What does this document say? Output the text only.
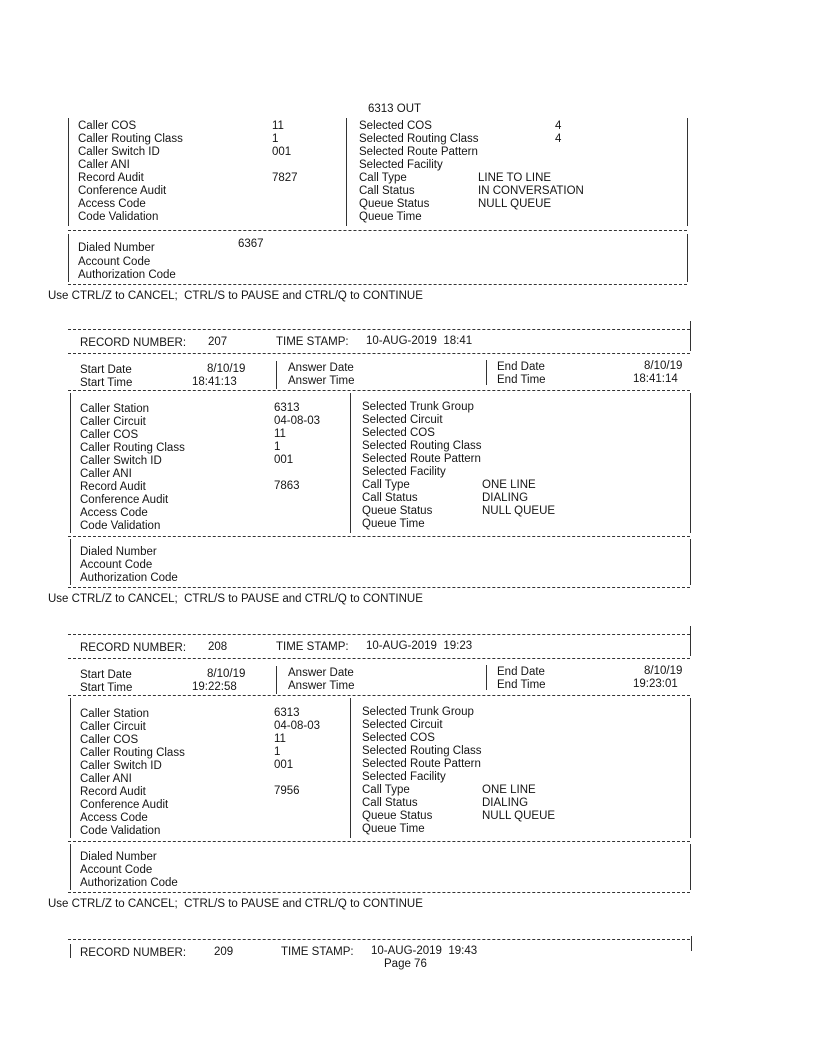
6313 OUT
Caller COS	11	Selected COS	4
Caller Routing Class	1	Selected Routing Class	4
Caller Switch ID	001	Selected Route Pattern
Caller ANI	Selected Facility
Record Audit	7827	Call Type	LINE TO LINE
Conference Audit	Call Status	IN CONVERSATION
Access Code	Queue Status	NULL QUEUE
Code Validation	Queue Time
Dialed Number	6367
Account Code
Authorization Code
Use CTRL/Z to CANCEL;  CTRL/S to PAUSE and CTRL/Q to CONTINUE
RECORD NUMBER: 207	TIME STAMP: 10-AUG-2019  18:41
Start Date	8/10/19	Answer Date	End Date	8/10/19
Start Time	18:41:13	Answer Time	End Time	18:41:14
Caller Station	6313	Selected Trunk Group
Caller Circuit	04-08-03	Selected Circuit
Caller COS	11	Selected COS
Caller Routing Class	1	Selected Routing Class
Caller Switch ID	001	Selected Route Pattern
Caller ANI	Selected Facility
Record Audit	7863	Call Type	ONE LINE
Conference Audit	Call Status	DIALING
Access Code	Queue Status	NULL QUEUE
Code Validation	Queue Time
Dialed Number
Account Code
Authorization Code
Use CTRL/Z to CANCEL;  CTRL/S to PAUSE and CTRL/Q to CONTINUE
RECORD NUMBER: 208	TIME STAMP: 10-AUG-2019  19:23
Start Date	8/10/19	Answer Date	End Date	8/10/19
Start Time	19:22:58	Answer Time	End Time	19:23:01
Caller Station	6313	Selected Trunk Group
Caller Circuit	04-08-03	Selected Circuit
Caller COS	11	Selected COS
Caller Routing Class	1	Selected Routing Class
Caller Switch ID	001	Selected Route Pattern
Caller ANI	Selected Facility
Record Audit	7956	Call Type	ONE LINE
Conference Audit	Call Status	DIALING
Access Code	Queue Status	NULL QUEUE
Code Validation	Queue Time
Dialed Number
Account Code
Authorization Code
Use CTRL/Z to CANCEL;  CTRL/S to PAUSE and CTRL/Q to CONTINUE
RECORD NUMBER: 209	TIME STAMP: 10-AUG-2019  19:43
Page 76
